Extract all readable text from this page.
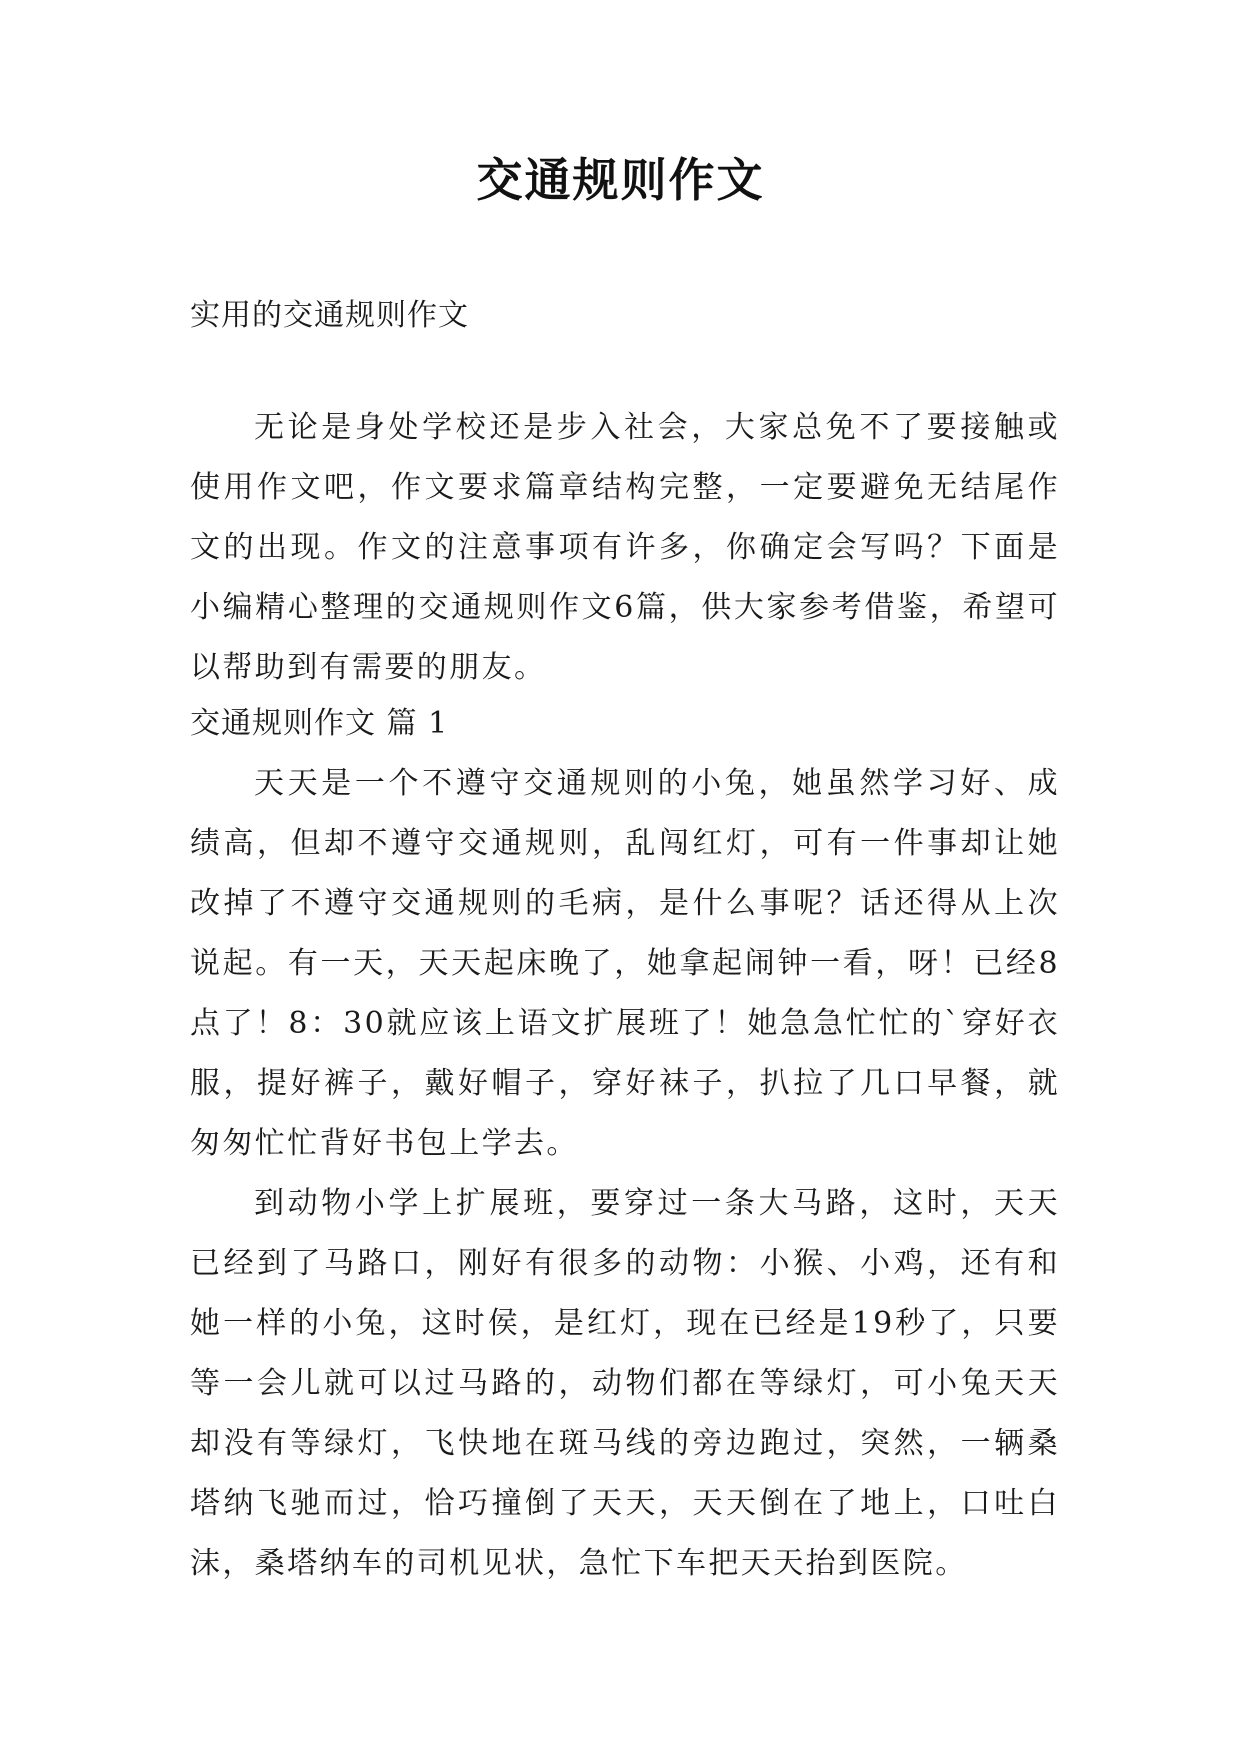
交通规则作文

实用的交通规则作文

无论是身处学校还是步入社会，大家总免不了要接触或使用作文吧，作文要求篇章结构完整，一定要避免无结尾作文的出现。作文的注意事项有许多，你确定会写吗？下面是小编精心整理的交通规则作文6篇，供大家参考借鉴，希望可以帮助到有需要的朋友。

交通规则作文 篇 1

天天是一个不遵守交通规则的小兔，她虽然学习好、成绩高，但却不遵守交通规则，乱闯红灯，可有一件事却让她改掉了不遵守交通规则的毛病，是什么事呢？话还得从上次说起。有一天，天天起床晚了，她拿起闹钟一看，呀！已经8点了！8：30就应该上语文扩展班了！她急急忙忙的`穿好衣服，提好裤子，戴好帽子，穿好袜子，扒拉了几口早餐，就匆匆忙忙背好书包上学去。

到动物小学上扩展班，要穿过一条大马路，这时，天天已经到了马路口，刚好有很多的动物：小猴、小鸡，还有和她一样的小兔，这时侯，是红灯，现在已经是19秒了，只要等一会儿就可以过马路的，动物们都在等绿灯，可小兔天天却没有等绿灯，飞快地在斑马线的旁边跑过，突然，一辆桑塔纳飞驰而过，恰巧撞倒了天天，天天倒在了地上，口吐白沫，桑塔纳车的司机见状，急忙下车把天天抬到医院。
